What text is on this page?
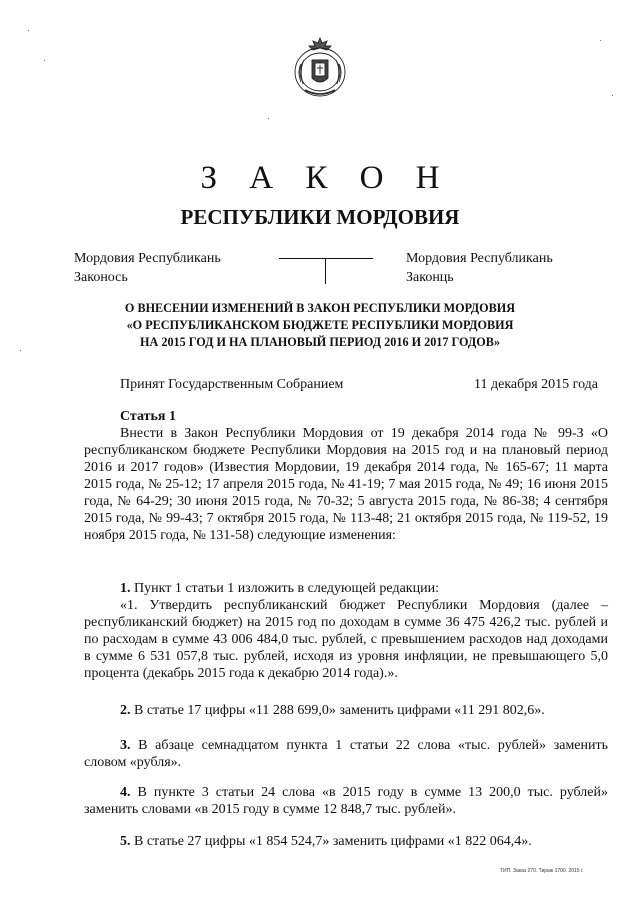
З А К О Н
РЕСПУБЛИКИ МОРДОВИЯ
Мордовия Республикань
Законось
Мордовия Республикань
Законць
О ВНЕСЕНИИ ИЗМЕНЕНИЙ В ЗАКОН РЕСПУБЛИКИ МОРДОВИЯ
«О РЕСПУБЛИКАНСКОМ БЮДЖЕТЕ РЕСПУБЛИКИ МОРДОВИЯ
НА 2015 ГОД И НА ПЛАНОВЫЙ ПЕРИОД 2016 И 2017 ГОДОВ»
Принят Государственным Собранием	11 декабря 2015 года
Статья 1

Внести в Закон Республики Мордовия от 19 декабря 2014 года № 99-З «О республиканском бюджете Республики Мордовия на 2015 год и на плановый период 2016 и 2017 годов» (Известия Мордовии, 19 декабря 2014 года, № 165-67; 11 марта 2015 года, № 25-12; 17 апреля 2015 года, № 41-19; 7 мая 2015 года, № 49; 16 июня 2015 года, № 64-29; 30 июня 2015 года, № 70-32; 5 августа 2015 года, № 86-38; 4 сентября 2015 года, № 99-43; 7 октября 2015 года, № 113-48; 21 октября 2015 года, № 119-52, 19 ноября 2015 года, № 131-58) следующие изменения:

1. Пункт 1 статьи 1 изложить в следующей редакции:

«1. Утвердить республиканский бюджет Республики Мордовия (далее – республиканский бюджет) на 2015 год по доходам в сумме 36 475 426,2 тыс. рублей и по расходам в сумме 43 006 484,0 тыс. рублей, с превышением расходов над доходами в сумме 6 531 057,8 тыс. рублей, исходя из уровня инфляции, не превышающего 5,0 процента (декабрь 2015 года к декабрю 2014 года).».

2. В статье 17 цифры «11 288 699,0» заменить цифрами «11 291 802,6».

3. В абзаце семнадцатом пункта 1 статьи 22 слова «тыс. рублей» заменить словом «рубля».

4. В пункте 3 статьи 24 слова «в 2015 году в сумме 13 200,0 тыс. рублей» заменить словами «в 2015 году в сумме 12 848,7 тыс. рублей».

5. В статье 27 цифры «1 854 524,7» заменить цифрами «1 822 064,4».

ТИП. Заказ 270. Тираж 1700. 2015 г.
